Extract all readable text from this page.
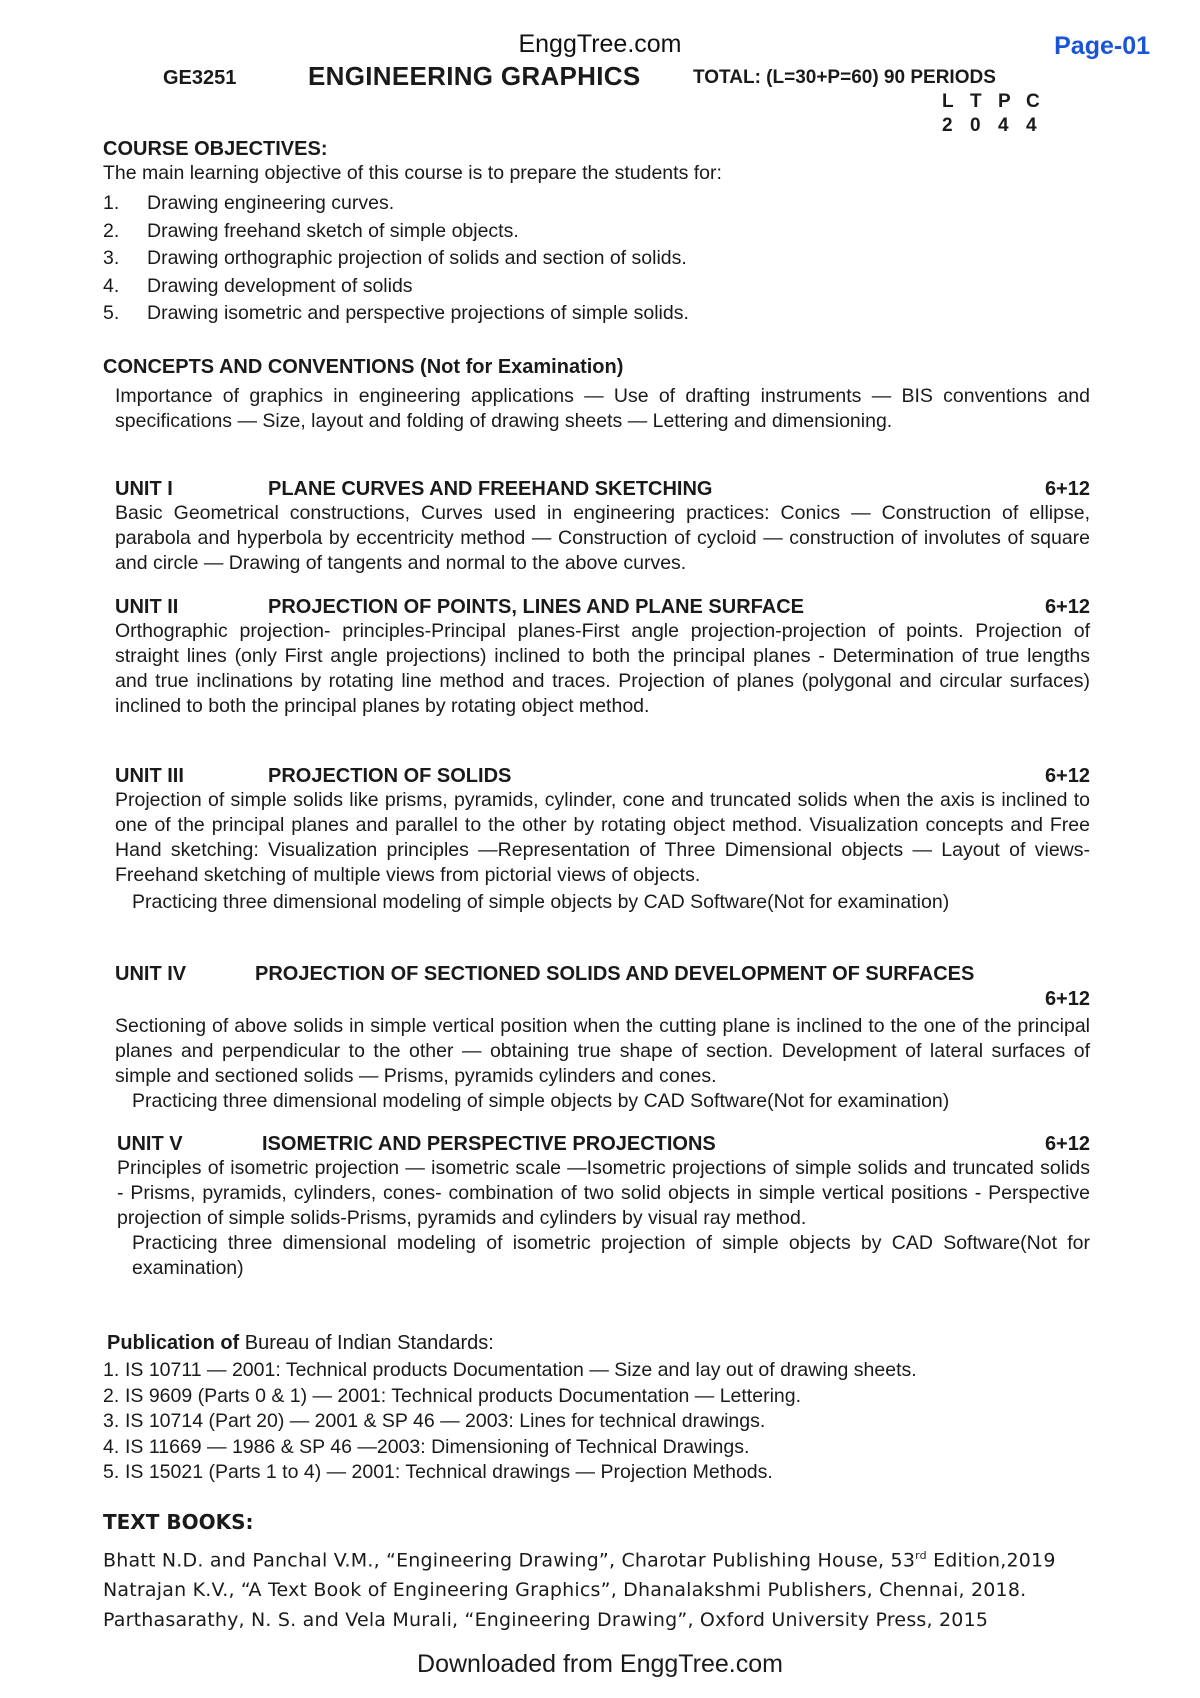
EnggTree.com	Page-01
GE3251	ENGINEERING GRAPHICS	TOTAL: (L=30+P=60) 90 PERIODS
L T P C
2 0 4 4
COURSE OBJECTIVES:
The main learning objective of this course is to prepare the students for:
1.	Drawing engineering curves.
2.	Drawing freehand sketch of simple objects.
3.	Drawing orthographic projection of solids and section of solids.
4.	Drawing development of solids
5.	Drawing isometric and perspective projections of simple solids.
CONCEPTS AND CONVENTIONS (Not for Examination)
Importance of graphics in engineering applications — Use of drafting instruments — BIS conventions and specifications — Size, layout and folding of drawing sheets — Lettering and dimensioning.
UNIT I	PLANE CURVES AND FREEHAND SKETCHING	6+12
Basic Geometrical constructions, Curves used in engineering practices: Conics — Construction of ellipse, parabola and hyperbola by eccentricity method — Construction of cycloid — construction of involutes of square and circle — Drawing of tangents and normal to the above curves.
UNIT II	PROJECTION OF POINTS, LINES AND PLANE SURFACE	6+12
Orthographic projection- principles-Principal planes-First angle projection-projection of points. Projection of straight lines (only First angle projections) inclined to both the principal planes - Determination of true lengths and true inclinations by rotating line method and traces. Projection of planes (polygonal and circular surfaces) inclined to both the principal planes by rotating object method.
UNIT III	PROJECTION OF SOLIDS	6+12
Projection of simple solids like prisms, pyramids, cylinder, cone and truncated solids when the axis is inclined to one of the principal planes and parallel to the other by rotating object method. Visualization concepts and Free Hand sketching: Visualization principles —Representation of Three Dimensional objects — Layout of views- Freehand sketching of multiple views from pictorial views of objects.
Practicing three dimensional modeling of simple objects by CAD Software(Not for examination)
UNIT IV	PROJECTION OF SECTIONED SOLIDS AND DEVELOPMENT OF SURFACES
6+12
Sectioning of above solids in simple vertical position when the cutting plane is inclined to the one of the principal planes and perpendicular to the other — obtaining true shape of section. Development of lateral surfaces of simple and sectioned solids — Prisms, pyramids cylinders and cones.
Practicing three dimensional modeling of simple objects by CAD Software(Not for examination)
UNIT V	ISOMETRIC AND PERSPECTIVE PROJECTIONS	6+12
Principles of isometric projection — isometric scale —Isometric projections of simple solids and truncated solids - Prisms, pyramids, cylinders, cones- combination of two solid objects in simple vertical positions - Perspective projection of simple solids-Prisms, pyramids and cylinders by visual ray method.
Practicing three dimensional modeling of isometric projection of simple objects by CAD Software(Not for examination)
Publication of Bureau of Indian Standards:
1. IS 10711 — 2001: Technical products Documentation — Size and lay out of drawing sheets.
2. IS 9609 (Parts 0 & 1) — 2001: Technical products Documentation — Lettering.
3. IS 10714 (Part 20) — 2001 & SP 46 — 2003: Lines for technical drawings.
4. IS 11669 — 1986 & SP 46 —2003: Dimensioning of Technical Drawings.
5. IS 15021 (Parts 1 to 4) — 2001: Technical drawings — Projection Methods.
TEXT BOOKS:
Bhatt N.D. and Panchal V.M., “Engineering Drawing”, Charotar Publishing House, 53rd Edition,2019
Natrajan K.V., “A Text Book of Engineering Graphics”, Dhanalakshmi Publishers, Chennai, 2018.
Parthasarathy, N. S. and Vela Murali, “Engineering Drawing”, Oxford University Press, 2015
Downloaded from EnggTree.com
